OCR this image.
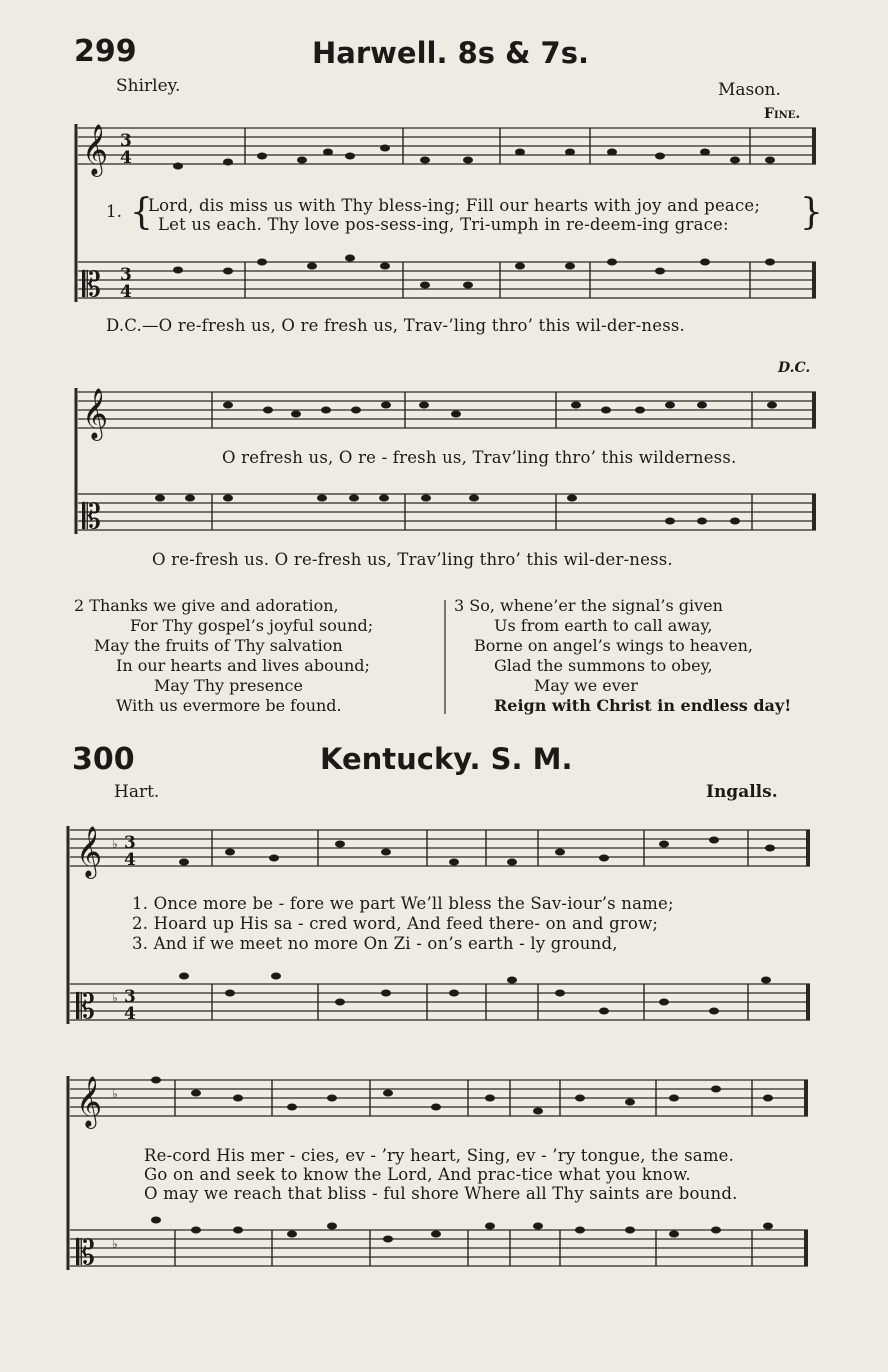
299	Harwell. 8s & 7s.
Shirley.	Mason.
Fine.
𝄞 3
4
𝄡 3
4
𝄞
𝄡
𝄞 ♭ 3
4
𝄡 ♭ 3
4
𝄞 ♭
𝄡 ♭
1. {
Lord, dis miss us with Thy bless-ing; Fill our hearts with joy and peace;
Let us each. Thy love pos-sess-ing, Tri-umph in re-deem-ing grace: }
D.C.—O re-fresh us, O re fresh us, Trav-’ling thro’ this wil-der-ness.
D.C.
O refresh us, O re - fresh us, Trav’ling thro’ this wilderness.
O re-fresh us. O re-fresh us, Trav’ling thro’ this wil-der-ness.
2 Thanks we give and adoration,
For Thy gospel’s joyful sound;
May the fruits of Thy salvation
In our hearts and lives abound;
May Thy presence
With us evermore be found.
3 So, whene’er the signal’s given
Us from earth to call away,
Borne on angel’s wings to heaven,
Glad the summons to obey,
May we ever
Reign with Christ in endless day!
300	Kentucky. S. M.
Hart.	Ingalls.
1. Once more be - fore we part We’ll bless the Sav-iour’s name;
2. Hoard up His sa - cred word, And feed there- on and grow;
3. And if we meet no more On Zi - on’s earth - ly ground,
Re-cord His mer - cies, ev - ’ry heart, Sing, ev - ’ry tongue, the same.
Go on and seek to know the Lord, And prac-tice what you know.
O may we reach that bliss - ful shore Where all Thy saints are bound.
